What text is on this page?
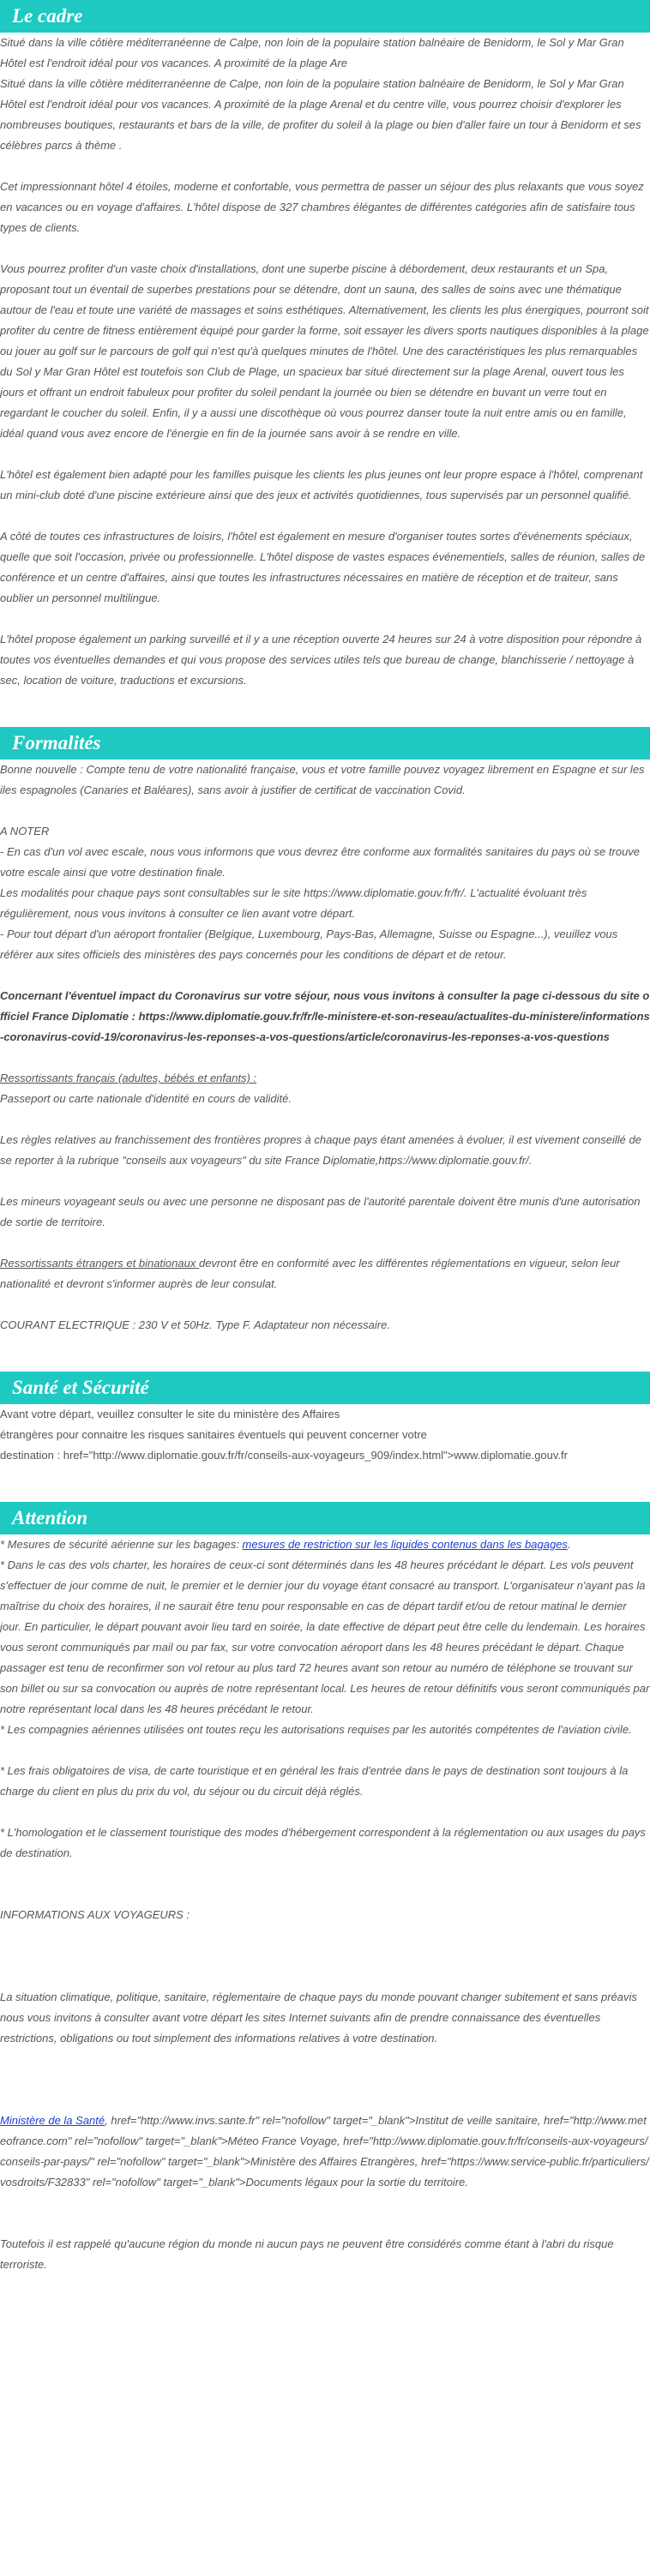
Le cadre

Situé dans la ville côtière méditerranéenne de Calpe, non loin de la populaire station balnéaire de Benidorm, le Sol y Mar Gran Hôtel est l'endroit idéal pour vos vacances. A proximité de la plage Are

Situé dans la ville côtière méditerranéenne de Calpe, non loin de la populaire station balnéaire de Benidorm, le Sol y Mar Gran Hôtel est l'endroit idéal pour vos vacances. A proximité de la plage Arenal et du centre ville, vous pourrez choisir d'explorer les nombreuses boutiques, restaurants et bars de la ville, de profiter du soleil à la plage ou bien d'aller faire un tour à Benidorm et ses célèbres parcs à thème .

Cet impressionnant hôtel 4 étoiles, moderne et confortable, vous permettra de passer un séjour des plus relaxants que vous soyez en vacances ou en voyage d'affaires. L'hôtel dispose de 327 chambres élégantes de différentes catégories afin de satisfaire tous types de clients.

Vous pourrez profiter d'un vaste choix d'installations, dont une superbe piscine à débordement, deux restaurants et un Spa, proposant tout un éventail de superbes prestations pour se détendre, dont un sauna, des salles de soins avec une thématique autour de l'eau et toute une variété de massages et soins esthétiques. Alternativement, les clients les plus énergiques, pourront soit profiter du centre de fitness entièrement équipé pour garder la forme, soit essayer les divers sports nautiques disponibles à la plage ou jouer au golf sur le parcours de golf qui n'est qu'à quelques minutes de l'hôtel. Une des caractéristiques les plus remarquables du Sol y Mar Gran Hôtel est toutefois son Club de Plage, un spacieux bar situé directement sur la plage Arenal, ouvert tous les jours et offrant un endroit fabuleux pour profiter du soleil pendant la journée ou bien se détendre en buvant un verre tout en regardant le coucher du soleil. Enfin, il y a aussi une discothèque où vous pourrez danser toute la nuit entre amis ou en famille, idéal quand vous avez encore de l'énergie en fin de la journée sans avoir à se rendre en ville.

L'hôtel est également bien adapté pour les familles puisque les clients les plus jeunes ont leur propre espace à l'hôtel, comprenant un mini-club doté d'une piscine extérieure ainsi que des jeux et activités quotidiennes, tous supervisés par un personnel qualifié.

A côté de toutes ces infrastructures de loisirs, l'hôtel est également en mesure d'organiser toutes sortes d'événements spéciaux, quelle que soit l'occasion, privée ou professionnelle. L'hôtel dispose de vastes espaces événementiels, salles de réunion, salles de conférence et un centre d'affaires, ainsi que toutes les infrastructures nécessaires en matière de réception et de traiteur, sans oublier un personnel multilingue.

L'hôtel propose également un parking surveillé et il y a une réception ouverte 24 heures sur 24 à votre disposition pour répondre à toutes vos éventuelles demandes et qui vous propose des services utiles tels que bureau de change, blanchisserie / nettoyage à sec, location de voiture, traductions et excursions.

Formalités

Bonne nouvelle : Compte tenu de votre nationalité française, vous et votre famille pouvez voyagez librement en Espagne et sur les iles espagnoles (Canaries et Baléares), sans avoir à justifier de certificat de vaccination Covid.

A NOTER

- En cas d'un vol avec escale, nous vous informons que vous devrez être conforme aux formalités sanitaires du pays où se trouve votre escale ainsi que votre destination finale.

Les modalités pour chaque pays sont consultables sur le site https://www.diplomatie.gouv.fr/fr/. L'actualité évoluant très régulièrement, nous vous invitons à consulter ce lien avant votre départ.

- Pour tout départ d'un aéroport frontalier (Belgique, Luxembourg, Pays-Bas, Allemagne, Suisse ou Espagne...), veuillez vous référer aux sites officiels des ministères des pays concernés pour les conditions de départ et de retour.

Concernant l'éventuel impact du Coronavirus sur votre séjour, nous vous invitons à consulter la page ci-dessous du site officiel France Diplomatie : https://www.diplomatie.gouv.fr/fr/le-ministere-et-son-reseau/actualites-du-ministere/informations-coronavirus-covid-19/coronavirus-les-reponses-a-vos-questions/article/coronavirus-les-reponses-a-vos-questions

Ressortissants français (adultes, bébés et enfants) :

Passeport ou carte nationale d'identité en cours de validité.

Les règles relatives au franchissement des frontières propres à chaque pays étant amenées à évoluer, il est vivement conseillé de se reporter à la rubrique "conseils aux voyageurs" du site France Diplomatie,https://www.diplomatie.gouv.fr/.

Les mineurs voyageant seuls ou avec une personne ne disposant pas de l'autorité parentale doivent être munis d'une autorisation de sortie de territoire.

Ressortissants étrangers et binationaux devront être en conformité avec les différentes réglementations en vigueur, selon leur nationalité et devront s'informer auprès de leur consulat.

COURANT ELECTRIQUE : 230 V et 50Hz. Type F. Adaptateur non nécessaire.

Santé et Sécurité

Avant votre départ, veuillez consulter le site du ministère des Affaires

étrangères pour connaitre les risques sanitaires éventuels qui peuvent concerner votre

destination : href="http://www.diplomatie.gouv.fr/fr/conseils-aux-voyageurs_909/index.html">www.diplomatie.gouv.fr

Attention

* Mesures de sécurité aérienne sur les bagages: mesures de restriction sur les liquides contenus dans les bagages.

* Dans le cas des vols charter, les horaires de ceux-ci sont déterminés dans les 48 heures précédant le départ. Les vols peuvent s'effectuer de jour comme de nuit, le premier et le dernier jour du voyage étant consacré au transport. L'organisateur n'ayant pas la maîtrise du choix des horaires, il ne saurait être tenu pour responsable en cas de départ tardif et/ou de retour matinal le dernier jour. En particulier, le départ pouvant avoir lieu tard en soirée, la date effective de départ peut être celle du lendemain. Les horaires vous seront communiqués par mail ou par fax, sur votre convocation aéroport dans les 48 heures précédant le départ. Chaque passager est tenu de reconfirmer son vol retour au plus tard 72 heures avant son retour au numéro de téléphone se trouvant sur son billet ou sur sa convocation ou auprès de notre représentant local. Les heures de retour définitifs vous seront communiqués par notre représentant local dans les 48 heures précédant le retour.

* Les compagnies aériennes utilisées ont toutes reçu les autorisations requises par les autorités compétentes de l'aviation civile.

* Les frais obligatoires de visa, de carte touristique et en général les frais d'entrée dans le pays de destination sont toujours à la charge du client en plus du prix du vol, du séjour ou du circuit déjà réglés.

* L'homologation et le classement touristique des modes d'hébergement correspondent à la réglementation ou aux usages du pays de destination.

INFORMATIONS AUX VOYAGEURS :

La situation climatique, politique, sanitaire, réglementaire de chaque pays du monde pouvant changer subitement et sans préavis

nous vous invitons à consulter avant votre départ les sites Internet suivants afin de prendre connaissance des éventuelles restrictions, obligations ou tout simplement des informations relatives à votre destination.

Ministère de la Santé, href="http://www.invs.sante.fr" rel="nofollow" target="_blank">Institut de veille sanitaire, href="http://www.meteofrance.com" rel="nofollow" target="_blank">Méteo France Voyage, href="http://www.diplomatie.gouv.fr/fr/conseils-aux-voyageurs/conseils-par-pays/" rel="nofollow" target="_blank">Ministère des Affaires Etrangères, href="https://www.service-public.fr/particuliers/vosdroits/F32833" rel="nofollow" target="_blank">Documents légaux pour la sortie du territoire.

Toutefois il est rappelé qu'aucune région du monde ni aucun pays ne peuvent être considérés comme étant à l'abri du risque terroriste.
